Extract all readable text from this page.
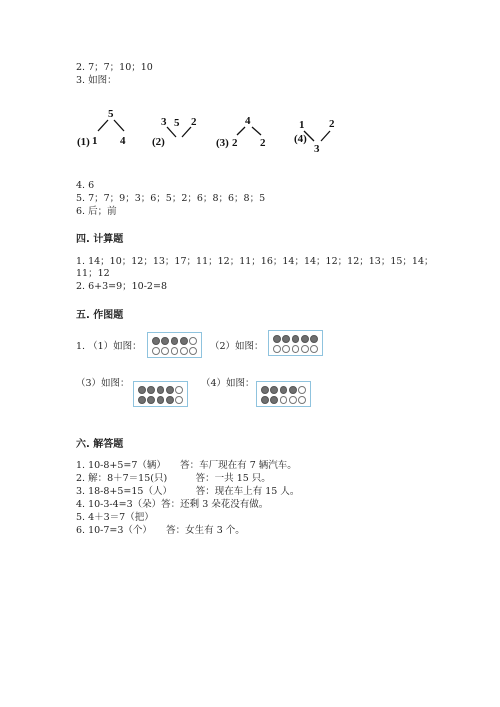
2. 7；7；10；10
3. 如图：
(1)
5
1 4 (2)
5
3 2
(3)
4
2 2	(4)
3
1 2
4. 6
5. 7；7；9；3；6；5；2；6；8；6；8；5
6. 后；前
四. 计算题
1. 14；10；12；13；17；11；12；11；16；14；14；12；12；13；15；14；
11；12
2. 6+3=9；10-2=8
五. 作图题
1. （1）如图：	（2）如图：
（3）如图：	（4）如图：
六. 解答题
1. 10-8+5=7（辆）　　答：车厂现在有 7 辆汽车。
2. 解：8＋7＝15(只)　　　答：一共 15 只。
3. 18-8+5=15（人）　　　答：现在车上有 15 人。
4. 10-3-4=3（朵）答：还剩 3 朵花没有做。
5. 4＋3＝7（把）
6. 10-7=3（个）　　答：女生有 3 个。
